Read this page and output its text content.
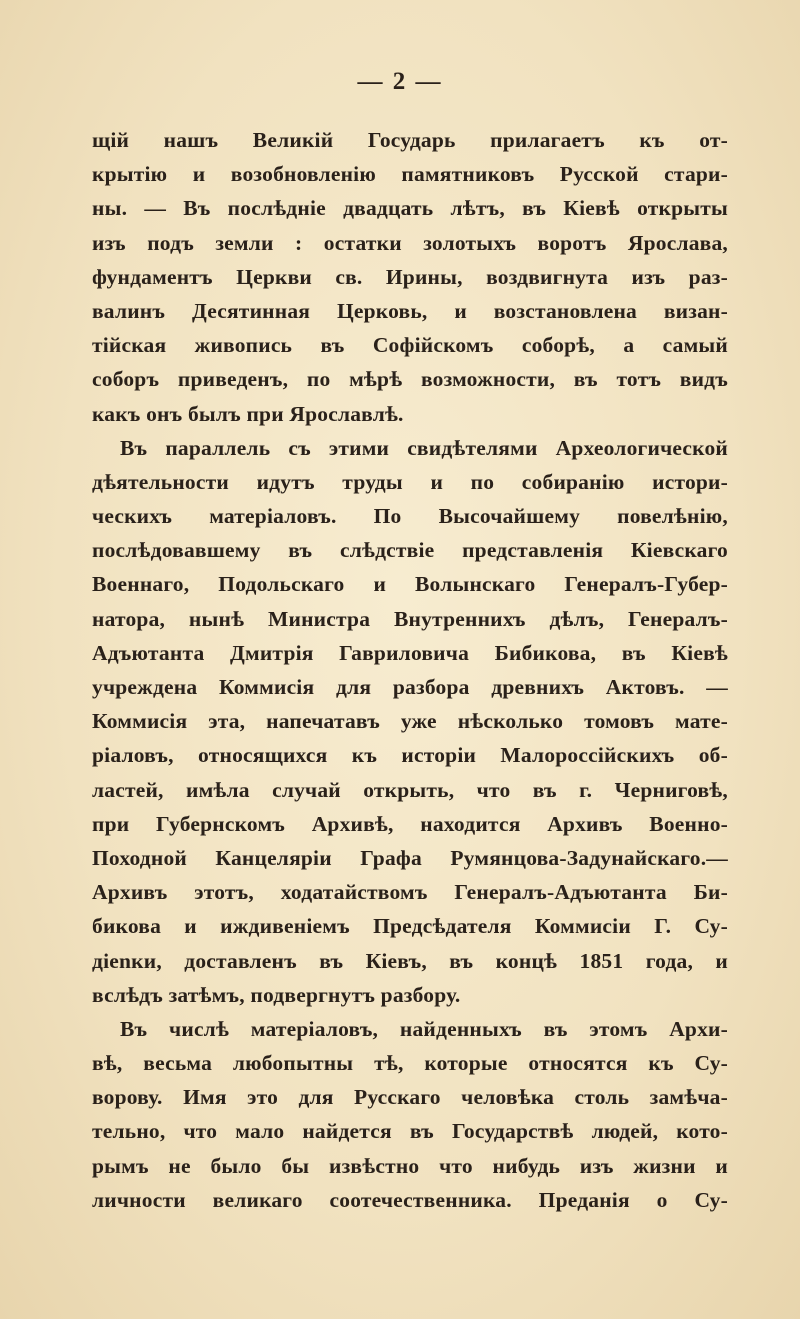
— 2 —
щій нашъ Великій Государь прилагаетъ къ от-
крытію и возобновленію памятниковъ Русской стари-
ны. — Въ послѣдніе двадцать лѣтъ, въ Кіевѣ открыты
изъ подъ земли : остатки золотыхъ воротъ Ярослава,
фундаментъ Церкви св. Ирины, воздвигнута изъ раз-
валинъ Десятинная Церковь, и возстановлена визан-
тійская живопись въ Софійскомъ соборѣ, а самый
соборъ приведенъ, по мѣрѣ возможности, въ тотъ видъ
какъ онъ былъ при Ярославлѣ.
Въ параллель съ этими свидѣтелями Археологической
дѣятельности идутъ труды и по собиранію истори-
ческихъ матеріаловъ. По Высочайшему повелѣнію,
послѣдовавшему въ слѣдствіе представленія Кіевскаго
Военнаго, Подольскаго и Волынскаго Генералъ-Губер-
натора, нынѣ Министра Внутреннихъ дѣлъ, Генералъ-
Адъютанта Дмитрія Гавриловича Бибикова, въ Кіевѣ
учреждена Коммисія для разбора древнихъ Актовъ. —
Коммисія эта, напечатавъ уже нѣсколько томовъ мате-
ріаловъ, относящихся къ исторіи Малороссійскихъ об-
ластей, имѣла случай открыть, что въ г. Черниговѣ,
при Губернскомъ Архивѣ, находится Архивъ Военно-
Походной Канцеляріи Графа Румянцова-Задунайскаго.—
Архивъ этотъ, ходатайствомъ Генералъ-Адъютанта Би-
бикова и иждивеніемъ Предсѣдателя Коммисіи Г. Су-
дienки, доставленъ въ Кіевъ, въ концѣ 1851 года, и
вслѣдъ затѣмъ, подвергнутъ разбору.
Въ числѣ матеріаловъ, найденныхъ въ этомъ Архи-
вѣ, весьма любопытны тѣ, которые относятся къ Су-
ворову. Имя это для Русскаго человѣка столь замѣча-
тельно, что мало найдется въ Государствѣ людей, кото-
рымъ не было бы извѣстно что нибудь изъ жизни и
личности великаго соотечественника. Преданія о Су-
